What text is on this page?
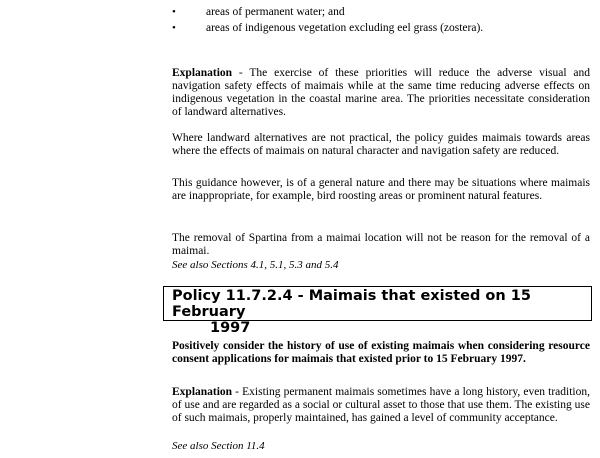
•	areas of permanent water; and
•	areas of indigenous vegetation excluding eel grass (zostera).

Explanation - The exercise of these priorities will reduce the adverse visual and navigation safety effects of maimais while at the same time reducing adverse effects on indigenous vegetation in the coastal marine area. The priorities necessitate consideration of landward alternatives.

Where landward alternatives are not practical, the policy guides maimais towards areas where the effects of maimais on natural character and navigation safety are reduced.

This guidance however, is of a general nature and there may be situations where maimais are inappropriate, for example, bird roosting areas or prominent natural features.

The removal of Spartina from a maimai location will not be reason for the removal of a maimai.

See also Sections 4.1, 5.1, 5.3 and 5.4
Policy 11.7.2.4 - Maimais that existed on 15 February
1997

Positively consider the history of use of existing maimais when considering resource consent applications for maimais that existed prior to 15 February 1997.

Explanation - Existing permanent maimais sometimes have a long history, even tradition, of use and are regarded as a social or cultural asset to those that use them. The existing use of such maimais, properly maintained, has gained a level of community acceptance.

See also Section 11.4
